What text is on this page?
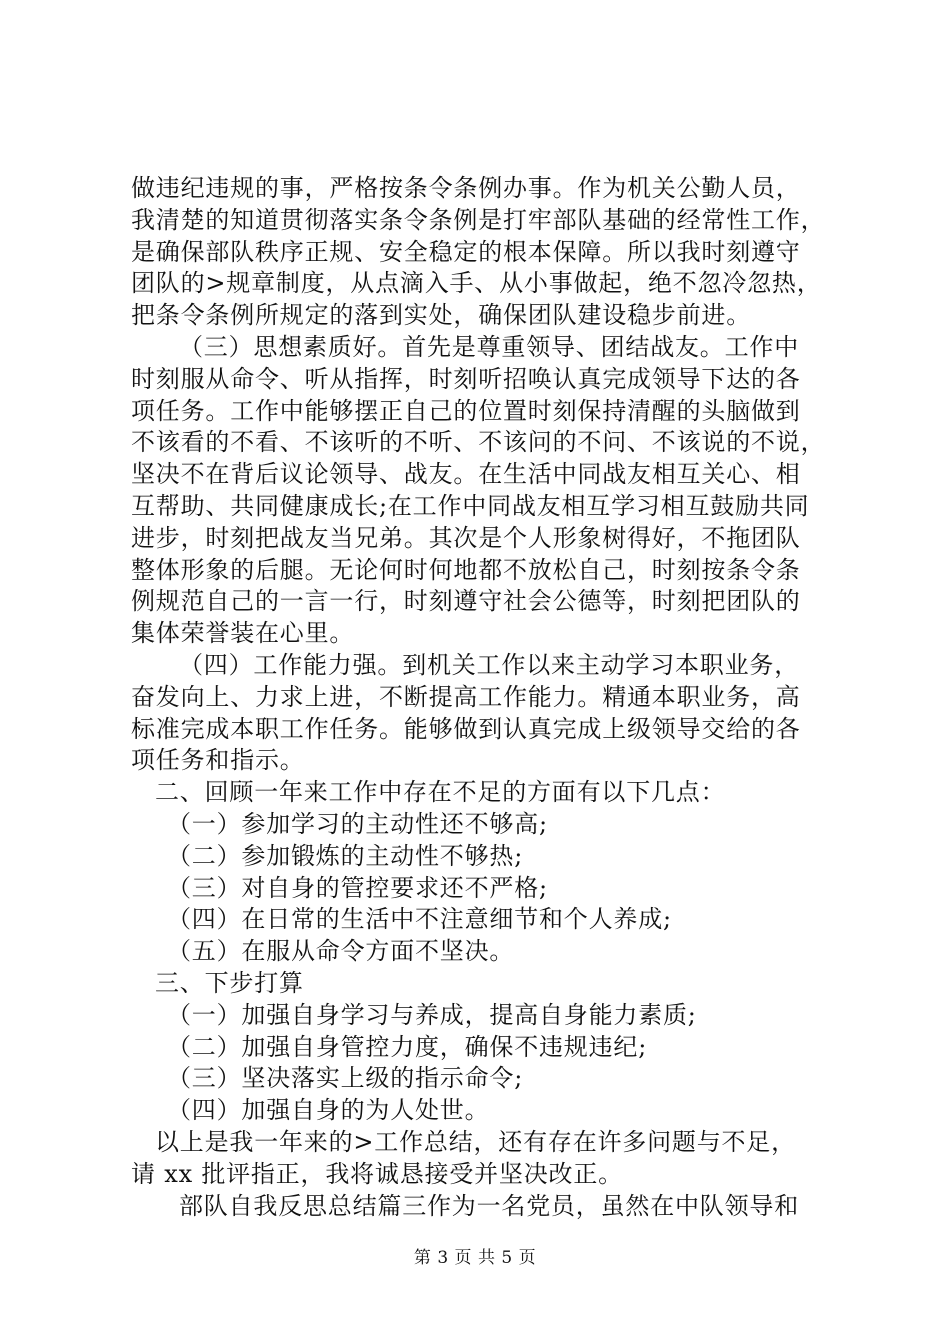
做违纪违规的事，严格按条令条例办事。作为机关公勤人员，
我清楚的知道贯彻落实条令条例是打牢部队基础的经常性工作，
是确保部队秩序正规、安全稳定的根本保障。所以我时刻遵守
团队的>规章制度，从点滴入手、从小事做起，绝不忽冷忽热，
把条令条例所规定的落到实处，确保团队建设稳步前进。
（三）思想素质好。首先是尊重领导、团结战友。工作中
时刻服从命令、听从指挥，时刻听招唤认真完成领导下达的各
项任务。工作中能够摆正自己的位置时刻保持清醒的头脑做到
不该看的不看、不该听的不听、不该问的不问、不该说的不说，
坚决不在背后议论领导、战友。在生活中同战友相互关心、相
互帮助、共同健康成长;在工作中同战友相互学习相互鼓励共同
进步，时刻把战友当兄弟。其次是个人形象树得好，不拖团队
整体形象的后腿。无论何时何地都不放松自己，时刻按条令条
例规范自己的一言一行，时刻遵守社会公德等，时刻把团队的
集体荣誉装在心里。
（四）工作能力强。到机关工作以来主动学习本职业务，
奋发向上、力求上进，不断提高工作能力。精通本职业务，高
标准完成本职工作任务。能够做到认真完成上级领导交给的各
项任务和指示。
二、回顾一年来工作中存在不足的方面有以下几点：
（一）参加学习的主动性还不够高;
（二）参加锻炼的主动性不够热;
（三）对自身的管控要求还不严格;
（四）在日常的生活中不注意细节和个人养成;
（五）在服从命令方面不坚决。
三、下步打算
（一）加强自身学习与养成，提高自身能力素质;
（二）加强自身管控力度，确保不违规违纪;
（三）坚决落实上级的指示命令;
（四）加强自身的为人处世。
以上是我一年来的>工作总结，还有存在许多问题与不足，
请 xx 批评指正，我将诚恳接受并坚决改正。
部队自我反思总结篇三作为一名党员，虽然在中队领导和
第 3 页 共 5 页
